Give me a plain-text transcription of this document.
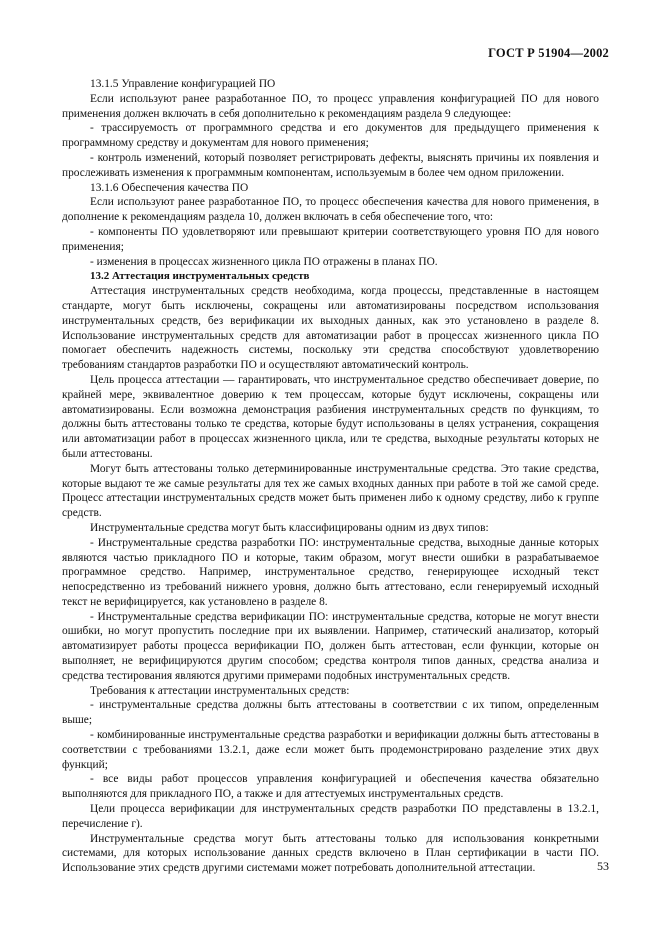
ГОСТ Р 51904—2002

13.1.5 Управление конфигурацией ПО

Если используют ранее разработанное ПО, то процесс управления конфигурацией ПО для нового применения должен включать в себя дополнительно к рекомендациям раздела 9 следующее:

- трассируемость от программного средства и его документов для предыдущего применения к программному средству и документам для нового применения;

- контроль изменений, который позволяет регистрировать дефекты, выяснять причины их появления и прослеживать изменения к программным компонентам, используемым в более чем одном приложении.

13.1.6 Обеспечения качества ПО

Если используют ранее разработанное ПО, то процесс обеспечения качества для нового применения, в дополнение к рекомендациям раздела 10, должен включать в себя обеспечение того, что:

- компоненты ПО удовлетворяют или превышают критерии соответствующего уровня ПО для нового применения;

- изменения в процессах жизненного цикла ПО отражены в планах ПО.

13.2 Аттестация инструментальных средств

Аттестация инструментальных средств необходима, когда процессы, представленные в настоящем стандарте, могут быть исключены, сокращены или автоматизированы посредством использования инструментальных средств, без верификации их выходных данных, как это установлено в разделе 8. Использование инструментальных средств для автоматизации работ в процессах жизненного цикла ПО помогает обеспечить надежность системы, поскольку эти средства способствуют удовлетворению требованиям стандартов разработки ПО и осуществляют автоматический контроль.

Цель процесса аттестации — гарантировать, что инструментальное средство обеспечивает доверие, по крайней мере, эквивалентное доверию к тем процессам, которые будут исключены, сокращены или автоматизированы. Если возможна демонстрация разбиения инструментальных средств по функциям, то должны быть аттестованы только те средства, которые будут использованы в целях устранения, сокращения или автоматизации работ в процессах жизненного цикла, или те средства, выходные результаты которых не были аттестованы.

Могут быть аттестованы только детерминированные инструментальные средства. Это такие средства, которые выдают те же самые результаты для тех же самых входных данных при работе в той же самой среде. Процесс аттестации инструментальных средств может быть применен либо к одному средству, либо к группе средств.

Инструментальные средства могут быть классифицированы одним из двух типов:

- Инструментальные средства разработки ПО: инструментальные средства, выходные данные которых являются частью прикладного ПО и которые, таким образом, могут внести ошибки в разрабатываемое программное средство. Например, инструментальное средство, генерирующее исходный текст непосредственно из требований нижнего уровня, должно быть аттестовано, если генерируемый исходный текст не верифицируется, как установлено в разделе 8.

- Инструментальные средства верификации ПО: инструментальные средства, которые не могут внести ошибки, но могут пропустить последние при их выявлении. Например, статический анализатор, который автоматизирует работы процесса верификации ПО, должен быть аттестован, если функции, которые он выполняет, не верифицируются другим способом; средства контроля типов данных, средства анализа и средства тестирования являются другими примерами подобных инструментальных средств.

Требования к аттестации инструментальных средств:

- инструментальные средства должны быть аттестованы в соответствии с их типом, определенным выше;

- комбинированные инструментальные средства разработки и верификации должны быть аттестованы в соответствии с требованиями 13.2.1, даже если может быть продемонстрировано разделение этих двух функций;

- все виды работ процессов управления конфигурацией и обеспечения качества обязательно выполняются для прикладного ПО, а также и для аттестуемых инструментальных средств.

Цели процесса верификации для инструментальных средств разработки ПО представлены в 13.2.1, перечисление г).

Инструментальные средства могут быть аттестованы только для использования конкретными системами, для которых использование данных средств включено в План сертификации в части ПО. Использование этих средств другими системами может потребовать дополнительной аттестации.	53
